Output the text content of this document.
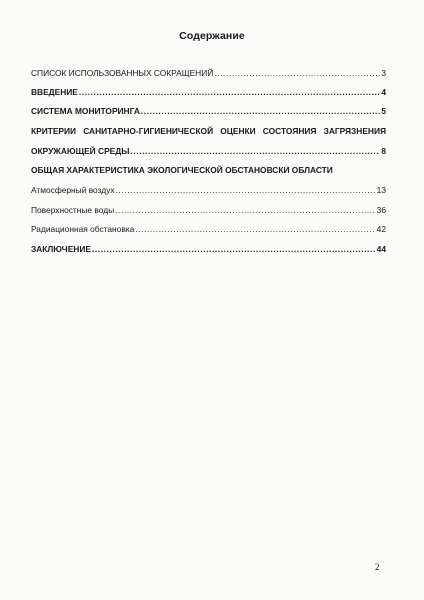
Содержание
СПИСОК ИСПОЛЬЗОВАННЫХ СОКРАЩЕНИЙ .....	3
ВВЕДЕНИЕ .....	4
СИСТЕМА МОНИТОРИНГА .....	5
КРИТЕРИИ САНИТАРНО-ГИГИЕНИЧЕСКОЙ ОЦЕНКИ СОСТОЯНИЯ ЗАГРЯЗНЕНИЯ
ОКРУЖАЮЩЕЙ СРЕДЫ .....	8
ОБЩАЯ ХАРАКТЕРИСТИКА ЭКОЛОГИЧЕСКОЙ ОБСТАНОВСКИ ОБЛАСТИ
Атмосферный воздух .....	13
Поверхностные воды .....	36
Радиационная обстановка .....	42
ЗАКЛЮЧЕНИЕ .....	44
2
